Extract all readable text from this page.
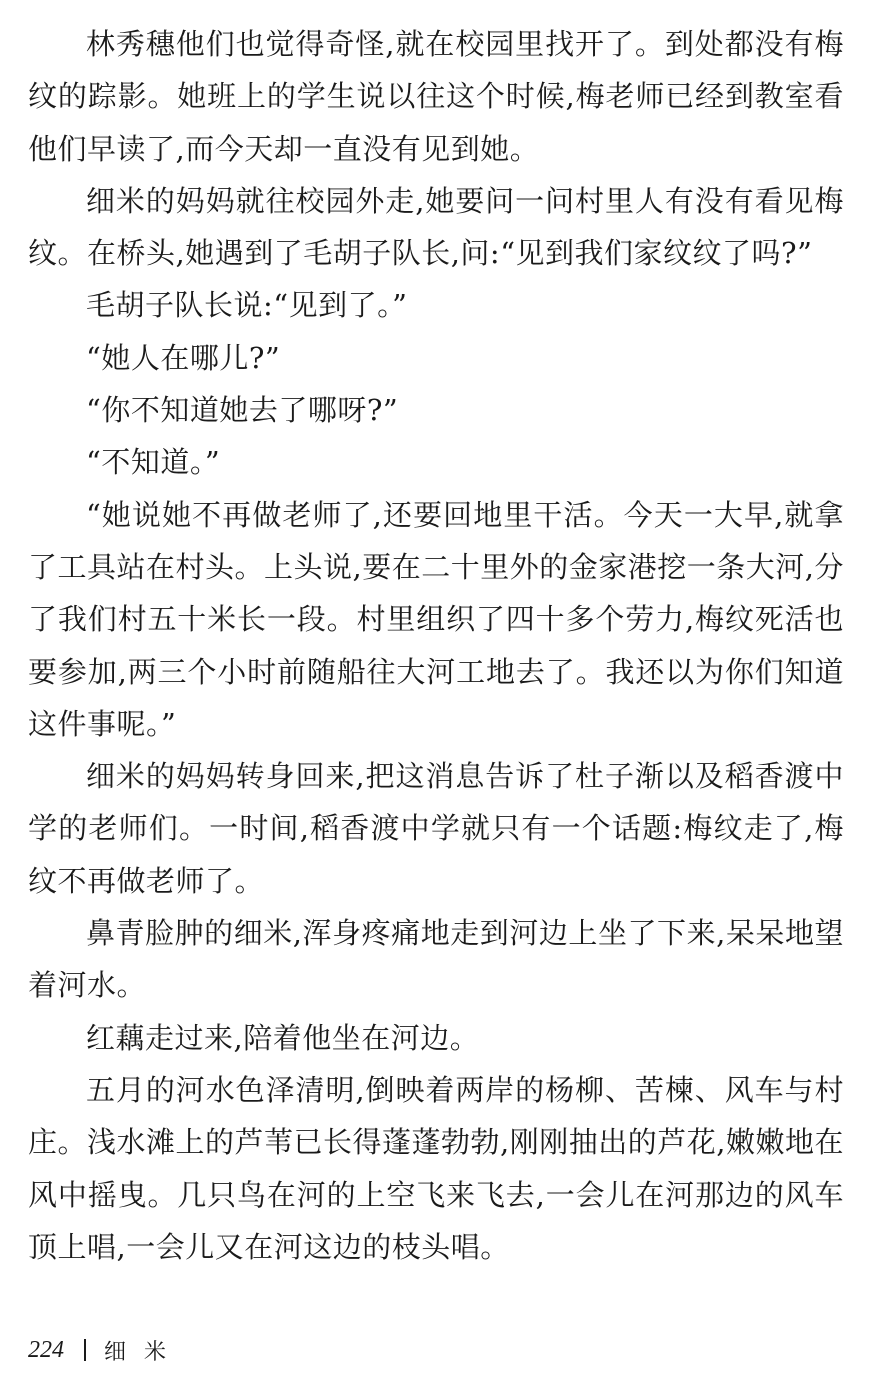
林秀穗他们也觉得奇怪,就在校园里找开了。到处都没有梅纹的踪影。她班上的学生说以往这个时候,梅老师已经到教室看他们早读了,而今天却一直没有见到她。

细米的妈妈就往校园外走,她要问一问村里人有没有看见梅纹。在桥头,她遇到了毛胡子队长,问:“见到我们家纹纹了吗?”

毛胡子队长说:“见到了。”

“她人在哪儿?”

“你不知道她去了哪呀?”

“不知道。”

“她说她不再做老师了,还要回地里干活。今天一大早,就拿了工具站在村头。上头说,要在二十里外的金家港挖一条大河,分了我们村五十米长一段。村里组织了四十多个劳力,梅纹死活也要参加,两三个小时前随船往大河工地去了。我还以为你们知道这件事呢。”

细米的妈妈转身回来,把这消息告诉了杜子渐以及稻香渡中学的老师们。一时间,稻香渡中学就只有一个话题:梅纹走了,梅纹不再做老师了。

鼻青脸肿的细米,浑身疼痛地走到河边上坐了下来,呆呆地望着河水。

红藕走过来,陪着他坐在河边。

五月的河水色泽清明,倒映着两岸的杨柳、苦楝、风车与村庄。浅水滩上的芦苇已长得蓬蓬勃勃,刚刚抽出的芦花,嫩嫩地在风中摇曳。几只鸟在河的上空飞来飞去,一会儿在河那边的风车顶上唱,一会儿又在河这边的枝头唱。

224 细米
